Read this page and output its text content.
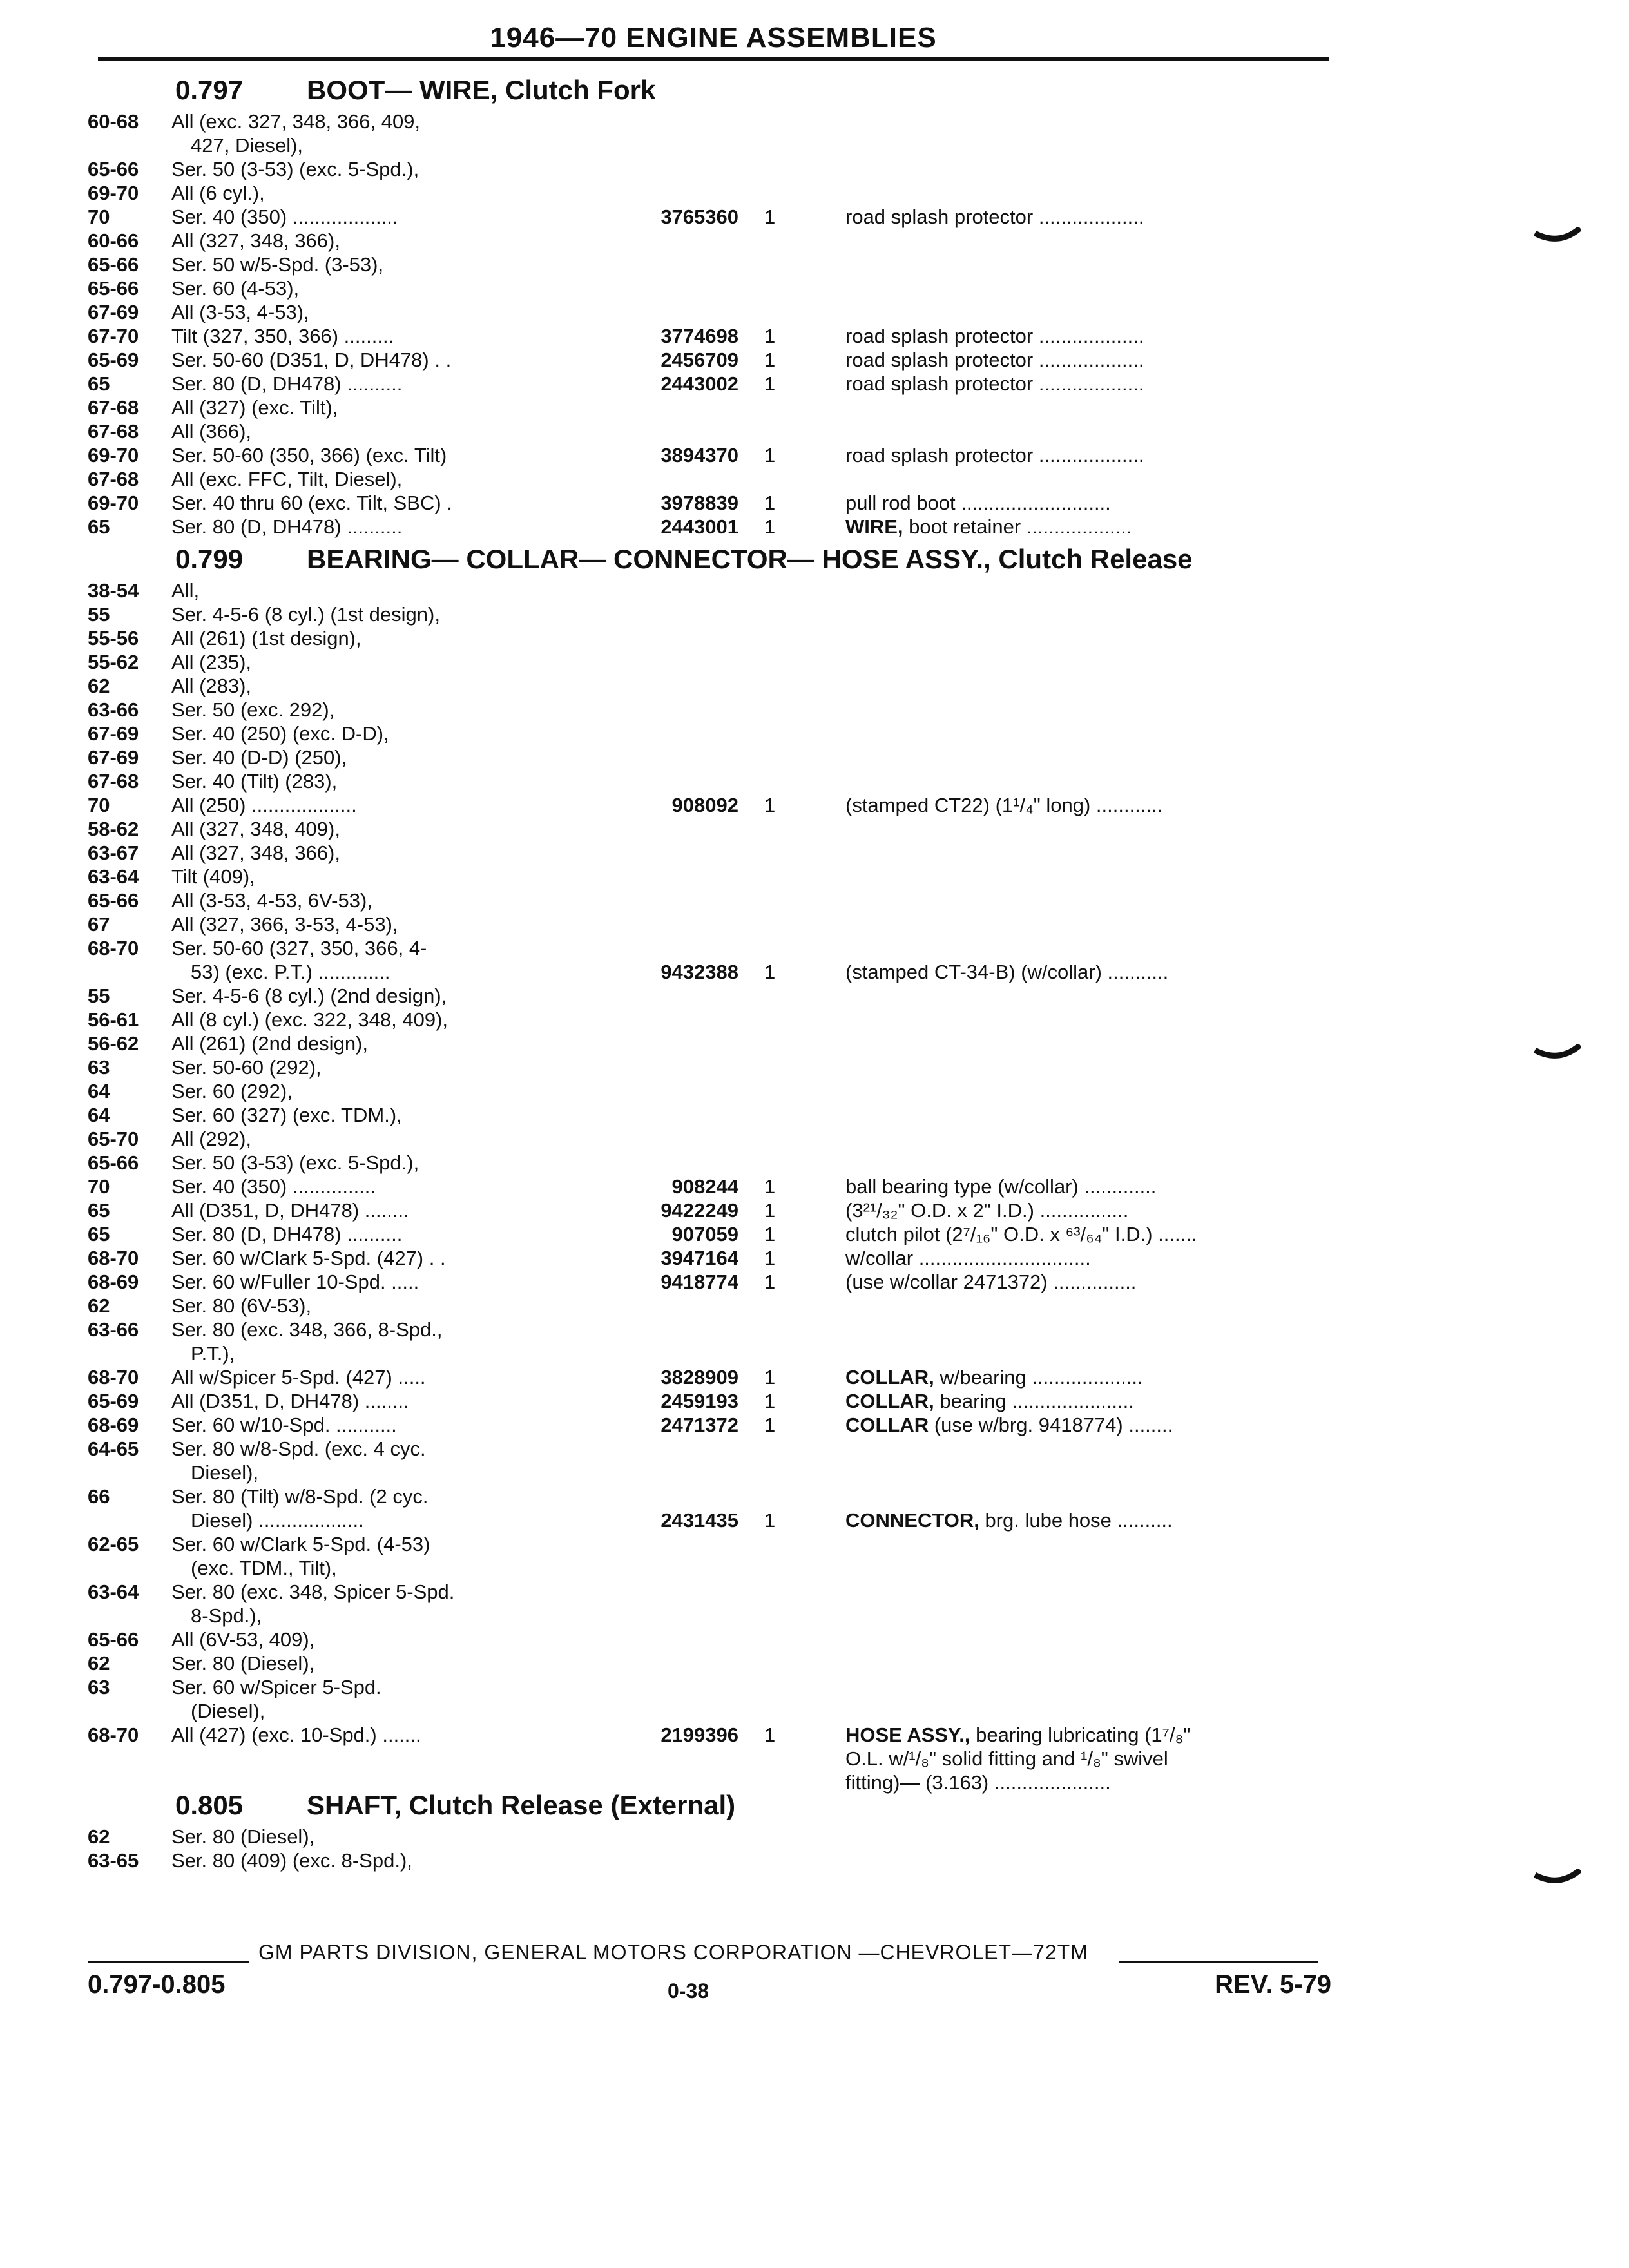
1946—70 ENGINE ASSEMBLIES
0.797 BOOT— WIRE, Clutch Fork
60-68 All (exc. 327, 348, 366, 409,
427, Diesel),
65-66 Ser. 50 (3-53) (exc. 5-Spd.),
69-70 All (6 cyl.),
70	Ser. 40 (350) ...................	3765360 1	road splash protector ...................
60-66 All (327, 348, 366),
65-66 Ser. 50 w/5-Spd. (3-53),
65-66 Ser. 60 (4-53),
67-69 All (3-53, 4-53),
67-70 Tilt (327, 350, 366) .........	3774698 1	road splash protector ...................
65-69 Ser. 50-60 (D351, D, DH478) . .	2456709 1	road splash protector ...................
65	Ser. 80 (D, DH478) ..........	2443002 1	road splash protector ...................
67-68 All (327) (exc. Tilt),
67-68 All (366),
69-70 Ser. 50-60 (350, 366) (exc. Tilt)	3894370 1	road splash protector ...................
67-68 All (exc. FFC, Tilt, Diesel),
69-70 Ser. 40 thru 60 (exc. Tilt, SBC) .	3978839 1	pull rod boot ...........................
65	Ser. 80 (D, DH478) ..........	2443001 1	WIRE, boot retainer ...................
0.799 BEARING— COLLAR— CONNECTOR— HOSE ASSY., Clutch Release
38-54 All,
55	Ser. 4-5-6 (8 cyl.) (1st design),
55-56 All (261) (1st design),
55-62 All (235),
62	All (283),
63-66 Ser. 50 (exc. 292),
67-69 Ser. 40 (250) (exc. D-D),
67-69 Ser. 40 (D-D) (250),
67-68 Ser. 40 (Tilt) (283),
70	All (250) ...................	908092 1	(stamped CT22) (1¹/₄" long) ............
58-62 All (327, 348, 409),
63-67 All (327, 348, 366),
63-64 Tilt (409),
65-66 All (3-53, 4-53, 6V-53),
67	All (327, 366, 3-53, 4-53),
68-70 Ser. 50-60 (327, 350, 366, 4-
53) (exc. P.T.) .............	9432388 1	(stamped CT-34-B) (w/collar) ...........
55	Ser. 4-5-6 (8 cyl.) (2nd design),
56-61 All (8 cyl.) (exc. 322, 348, 409),
56-62 All (261) (2nd design),
63	Ser. 50-60 (292),
64	Ser. 60 (292),
64	Ser. 60 (327) (exc. TDM.),
65-70 All (292),
65-66 Ser. 50 (3-53) (exc. 5-Spd.),
70	Ser. 40 (350) ...............	908244 1	ball bearing type (w/collar) .............
65	All (D351, D, DH478) ........	9422249 1	(3²¹/₃₂" O.D. x 2" I.D.) ................
65	Ser. 80 (D, DH478) ..........	907059 1	clutch pilot (2⁷/₁₆" O.D. x ⁶³/₆₄" I.D.) .......
68-70 Ser. 60 w/Clark 5-Spd. (427) . .	3947164 1	w/collar ...............................
68-69 Ser. 60 w/Fuller 10-Spd. .....	9418774 1	(use w/collar 2471372) ...............
62	Ser. 80 (6V-53),
63-66 Ser. 80 (exc. 348, 366, 8-Spd.,
P.T.),
68-70 All w/Spicer 5-Spd. (427) .....	3828909 1	COLLAR, w/bearing ....................
65-69 All (D351, D, DH478) ........	2459193 1	COLLAR, bearing ......................
68-69 Ser. 60 w/10-Spd. ...........	2471372 1	COLLAR (use w/brg. 9418774) ........
64-65 Ser. 80 w/8-Spd. (exc. 4 cyc.
Diesel),
66	Ser. 80 (Tilt) w/8-Spd. (2 cyc.
Diesel) ...................	2431435 1	CONNECTOR, brg. lube hose ..........
62-65 Ser. 60 w/Clark 5-Spd. (4-53)
(exc. TDM., Tilt),
63-64 Ser. 80 (exc. 348, Spicer 5-Spd.
8-Spd.),
65-66 All (6V-53, 409),
62	Ser. 80 (Diesel),
63	Ser. 60 w/Spicer 5-Spd.
(Diesel),
68-70 All (427) (exc. 10-Spd.) .......	2199396 1	HOSE ASSY., bearing lubricating (1⁷/₈"
O.L. w/¹/₈" solid fitting and ¹/₈" swivel
fitting)— (3.163) .....................
0.805 SHAFT, Clutch Release (External)
62	Ser. 80 (Diesel),
63-65 Ser. 80 (409) (exc. 8-Spd.),
GM PARTS DIVISION, GENERAL MOTORS CORPORATION —CHEVROLET—72TM
0.797-0.805	0-38	REV. 5-79
